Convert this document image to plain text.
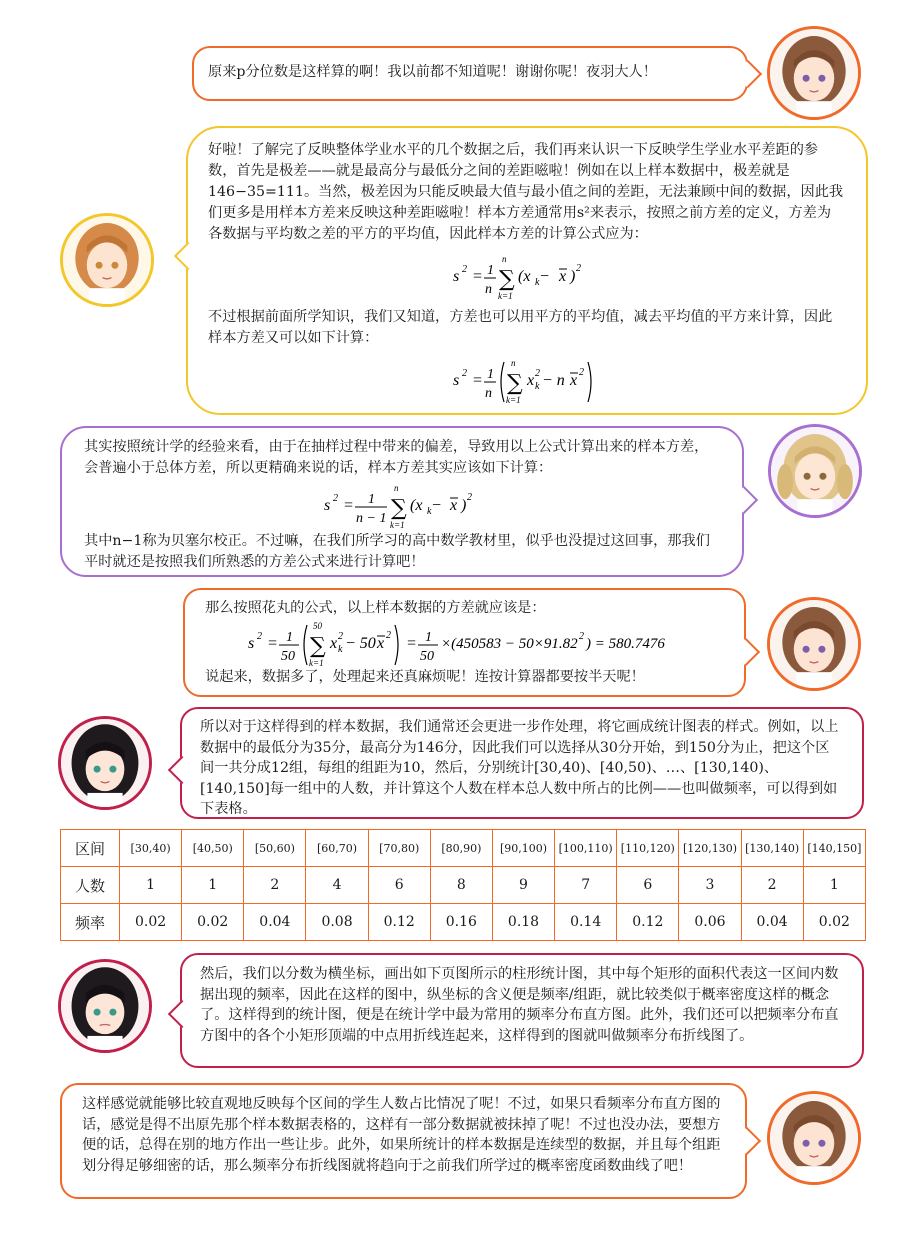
原来p分位数是这样算的啊！我以前都不知道呢！谢谢你呢！夜羽大人！

好啦！了解完了反映整体学业水平的几个数据之后，我们再来认识一下反映学生学业水平差距的参数，首先是极差——就是最高分与最低分之间的差距嗞啦！例如在以上样本数据中，极差就是146−35=111。当然，极差因为只能反映最大值与最小值之间的差距，无法兼顾中间的数据，因此我们更多是用样本方差来反映这种差距嗞啦！样本方差通常用s²来表示，按照之前方差的定义，方差为各数据与平均数之差的平方的平均值，因此样本方差的计算公式应为：

s 2 = 1
n
n
∑
k=1
(x k − x ) 2

不过根据前面所学知识，我们又知道，方差也可以用平方的平均值，减去平均值的平方来计算，因此样本方差又可以如下计算：

s 2 = 1
n
n
∑
k=1
x k
2 − n x 2

其实按照统计学的经验来看，由于在抽样过程中带来的偏差，导致用以上公式计算出来的样本方差，会普遍小于总体方差，所以更精确来说的话，样本方差其实应该如下计算：

s 2 = 1
n − 1
n
∑
k=1
(x k − x ) 2

其中n−1称为贝塞尔校正。不过嘛，在我们所学习的高中数学教材里，似乎也没提过这回事，那我们平时就还是按照我们所熟悉的方差公式来进行计算吧！

那么按照花丸的公式，以上样本数据的方差就应该是：

s 2 = 1
50
50
∑
k=1
x k
2 − 50 x 2 = 1
50
×(450583 − 50×91.82 2 ) = 580.7476

说起来，数据多了，处理起来还真麻烦呢！连按计算器都要按半天呢！

所以对于这样得到的样本数据，我们通常还会更进一步作处理，将它画成统计图表的样式。例如，以上数据中的最低分为35分，最高分为146分，因此我们可以选择从30分开始，到150分为止，把这个区间一共分成12组，每组的组距为10，然后，分别统计[30,40)、[40,50)、…、[130,140)、[140,150]每一组中的人数，并计算这个人数在样本总人数中所占的比例——也叫做频率，可以得到如下表格。

区间	[30,40)	[40,50)	[50,60)	[60,70)	[70,80)	[80,90)	[90,100)	[100,110)	[110,120)	[120,130)	[130,140)	[140,150]
人数	1	1	2	4	6	8	9	7	6	3	2	1
频率	0.02	0.02	0.04	0.08	0.12	0.16	0.18	0.14	0.12	0.06	0.04	0.02

然后，我们以分数为横坐标，画出如下页图所示的柱形统计图，其中每个矩形的面积代表这一区间内数据出现的频率，因此在这样的图中，纵坐标的含义便是频率/组距，就比较类似于概率密度这样的概念了。这样得到的统计图，便是在统计学中最为常用的频率分布直方图。此外，我们还可以把频率分布直方图中的各个小矩形顶端的中点用折线连起来，这样得到的图就叫做频率分布折线图了。

这样感觉就能够比较直观地反映每个区间的学生人数占比情况了呢！不过，如果只看频率分布直方图的话，感觉是得不出原先那个样本数据表格的，这样有一部分数据就被抹掉了呢！不过也没办法，要想方便的话，总得在别的地方作出一些让步。此外，如果所统计的样本数据是连续型的数据，并且每个组距划分得足够细密的话，那么频率分布折线图就将趋向于之前我们所学过的概率密度函数曲线了吧！
